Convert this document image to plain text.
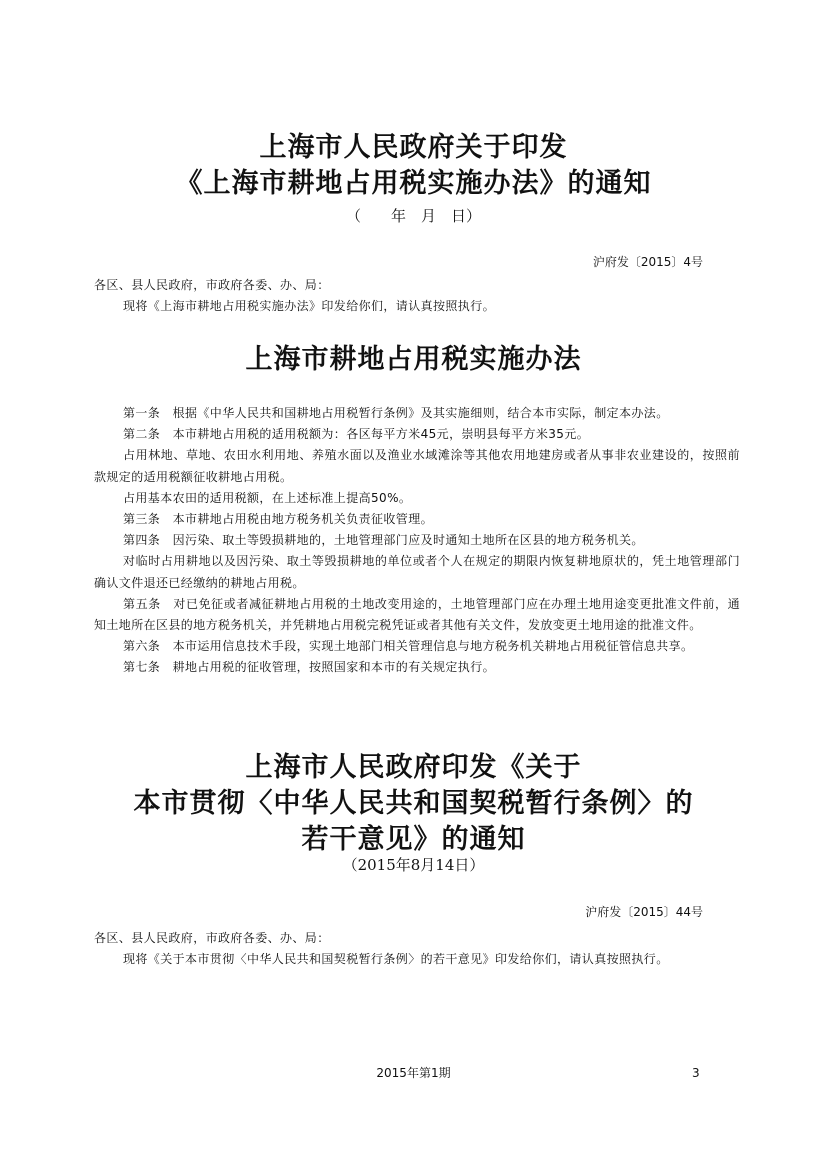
上海市人民政府关于印发
《上海市耕地占用税实施办法》的通知
（　　年　月　日）
沪府发〔2015〕4号

各区、县人民政府，市政府各委、办、局：

现将《上海市耕地占用税实施办法》印发给你们，请认真按照执行。

上海市耕地占用税实施办法

第一条　根据《中华人民共和国耕地占用税暂行条例》及其实施细则，结合本市实际，制定本办法。

第二条　本市耕地占用税的适用税额为：各区每平方米45元，崇明县每平方米35元。

占用林地、草地、农田水利用地、养殖水面以及渔业水域滩涂等其他农用地建房或者从事非农业建设的，按照前款规定的适用税额征收耕地占用税。

占用基本农田的适用税额，在上述标准上提高50%。

第三条　本市耕地占用税由地方税务机关负责征收管理。

第四条　因污染、取土等毁损耕地的，土地管理部门应及时通知土地所在区县的地方税务机关。

对临时占用耕地以及因污染、取土等毁损耕地的单位或者个人在规定的期限内恢复耕地原状的，凭土地管理部门确认文件退还已经缴纳的耕地占用税。

第五条　对已免征或者减征耕地占用税的土地改变用途的，土地管理部门应在办理土地用途变更批准文件前，通知土地所在区县的地方税务机关，并凭耕地占用税完税凭证或者其他有关文件，发放变更土地用途的批准文件。

第六条　本市运用信息技术手段，实现土地部门相关管理信息与地方税务机关耕地占用税征管信息共享。

第七条　耕地占用税的征收管理，按照国家和本市的有关规定执行。

上海市人民政府印发《关于
本市贯彻〈中华人民共和国契税暂行条例〉的
若干意见》的通知
（2015年8月14日）
沪府发〔2015〕44号

各区、县人民政府，市政府各委、办、局：

现将《关于本市贯彻〈中华人民共和国契税暂行条例〉的若干意见》印发给你们，请认真按照执行。

2015年第1期	3
